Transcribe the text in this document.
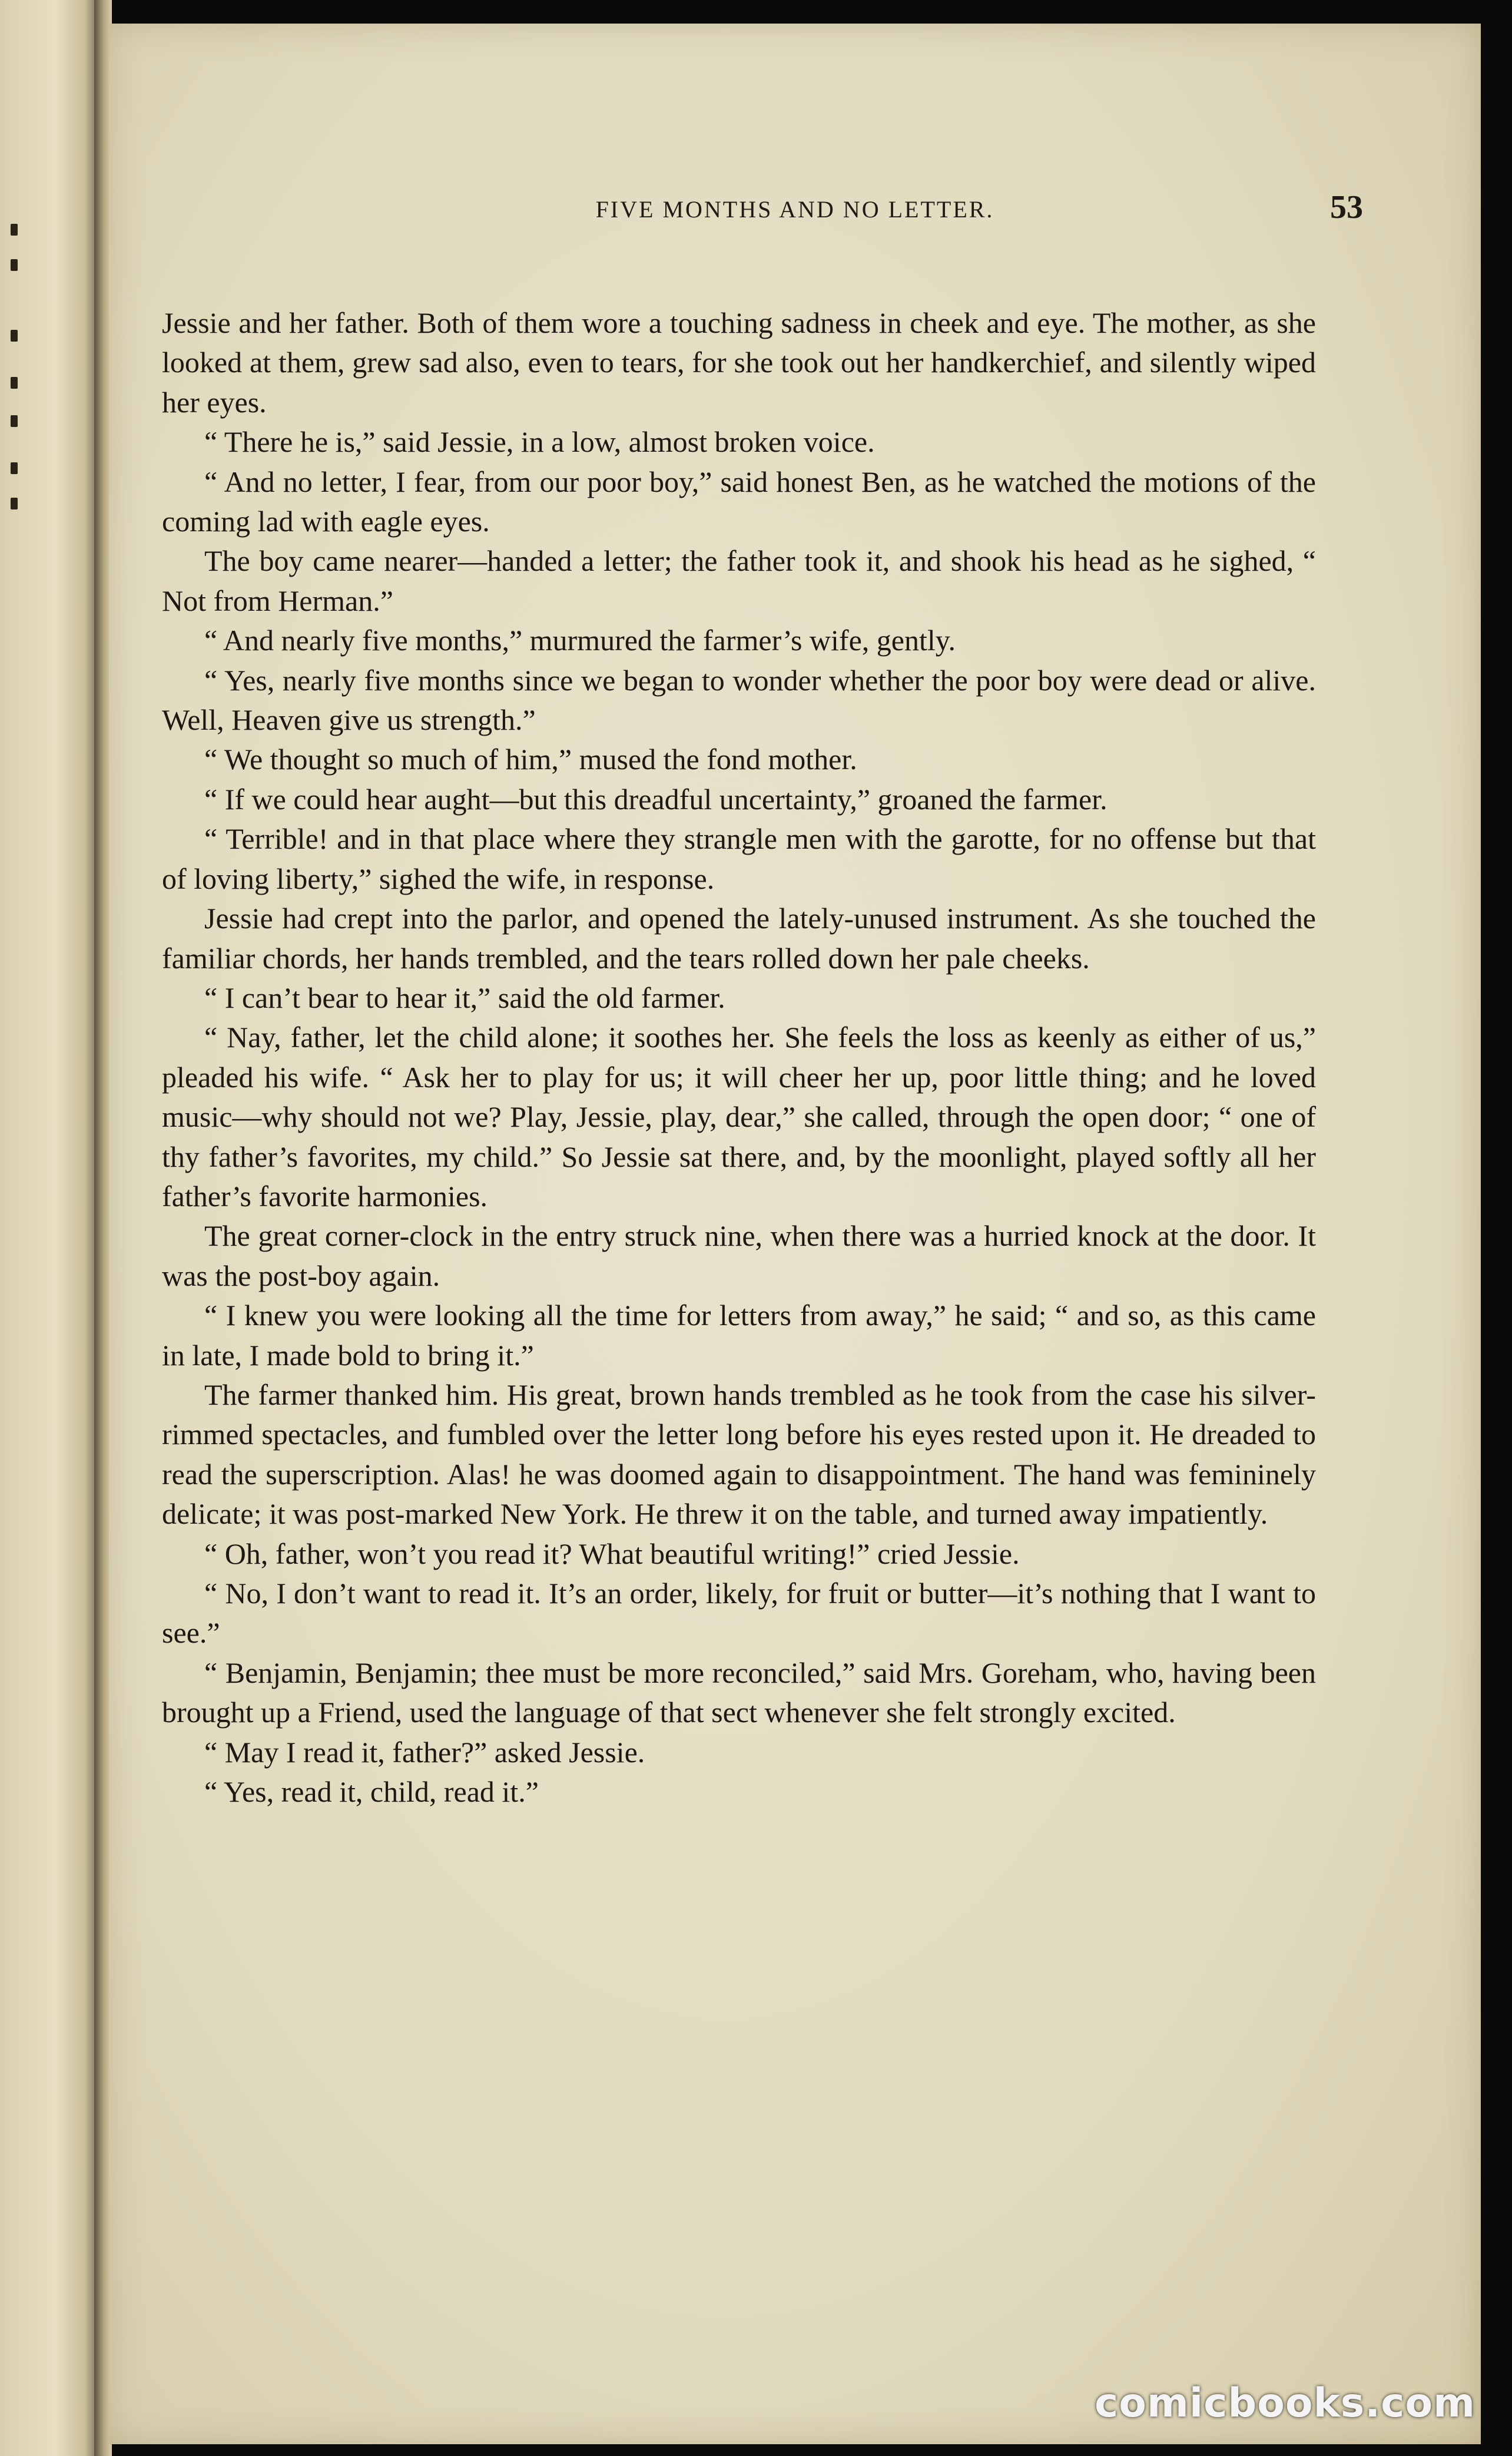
FIVE MONTHS AND NO LETTER.	53

Jessie and her father. Both of them wore a touching sadness in cheek and eye. The mother, as she looked at them, grew sad also, even to tears, for she took out her handkerchief, and silently wiped her eyes.

“ There he is,” said Jessie, in a low, almost broken voice.

“ And no letter, I fear, from our poor boy,” said honest Ben, as he watched the motions of the coming lad with eagle eyes.

The boy came nearer—handed a letter; the father took it, and shook his head as he sighed, “ Not from Herman.”

“ And nearly five months,” murmured the farmer’s wife, gently.

“ Yes, nearly five months since we began to wonder whether the poor boy were dead or alive. Well, Heaven give us strength.”

“ We thought so much of him,” mused the fond mother.

“ If we could hear aught—but this dreadful uncertainty,” groaned the farmer.

“ Terrible! and in that place where they strangle men with the garotte, for no offense but that of loving liberty,” sighed the wife, in response.

Jessie had crept into the parlor, and opened the lately-unused instrument. As she touched the familiar chords, her hands trembled, and the tears rolled down her pale cheeks.

“ I can’t bear to hear it,” said the old farmer.

“ Nay, father, let the child alone; it soothes her. She feels the loss as keenly as either of us,” pleaded his wife. “ Ask her to play for us; it will cheer her up, poor little thing; and he loved music—why should not we? Play, Jessie, play, dear,” she called, through the open door; “ one of thy father’s favorites, my child.” So Jessie sat there, and, by the moonlight, played softly all her father’s favorite harmonies.

The great corner-clock in the entry struck nine, when there was a hurried knock at the door. It was the post-boy again.

“ I knew you were looking all the time for letters from away,” he said; “ and so, as this came in late, I made bold to bring it.”

The farmer thanked him. His great, brown hands trembled as he took from the case his silver-rimmed spectacles, and fumbled over the letter long before his eyes rested upon it. He dreaded to read the superscription. Alas! he was doomed again to disappointment. The hand was femininely delicate; it was post-marked New York. He threw it on the table, and turned away impatiently.

“ Oh, father, won’t you read it? What beautiful writing!” cried Jessie.

“ No, I don’t want to read it. It’s an order, likely, for fruit or butter—it’s nothing that I want to see.”

“ Benjamin, Benjamin; thee must be more reconciled,” said Mrs. Goreham, who, having been brought up a Friend, used the language of that sect whenever she felt strongly excited.

“ May I read it, father?” asked Jessie.

“ Yes, read it, child, read it.”

comicbooks.com
